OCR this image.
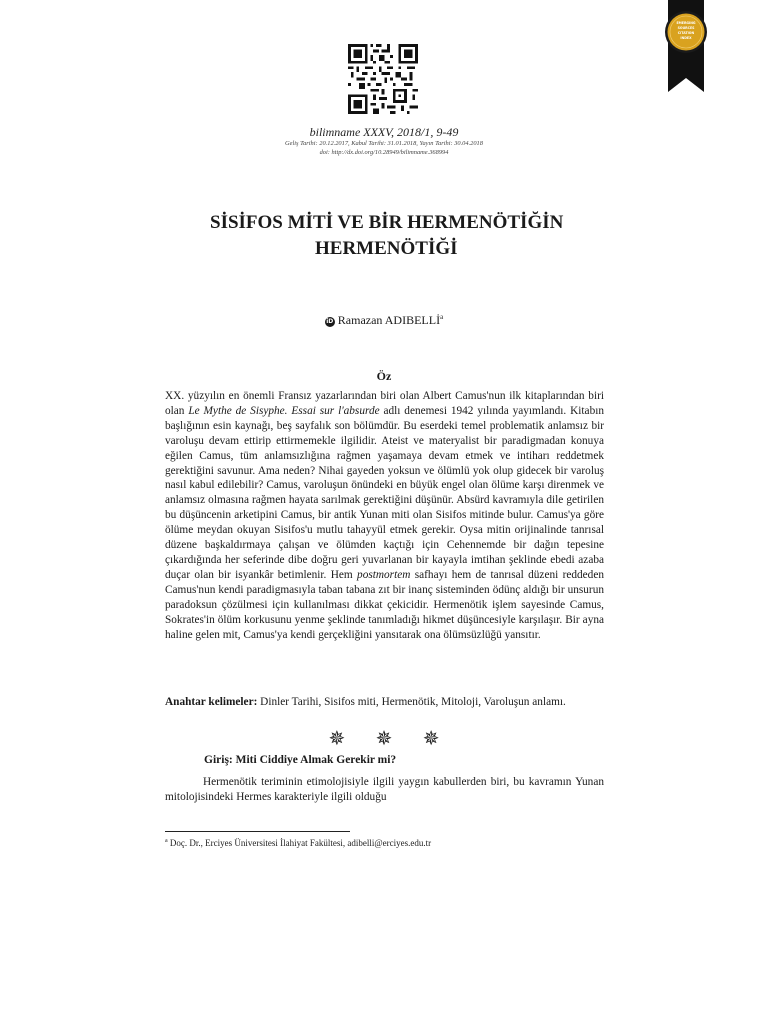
EMERGING
SOURCES
CITATION
INDEX
bilimname XXXV, 2018/1, 9-49
Geliş Tarihi: 20.12.2017, Kabul Tarihi: 31.01.2018, Yayın Tarihi: 30.04.2018
doi: http://dx.doi.org/10.28949/bilimname.368994
SİSİFOS MİTİ VE BİR HERMENÖTİĞİN
HERMENÖTİĞİ
iD Ramazan ADIBELLİ$^a$
Öz
XX. yüzyılın en önemli Fransız yazarlarından biri olan Albert Camus'nun ilk kitaplarından biri olan Le Mythe de Sisyphe. Essai sur l'absurde adlı denemesi 1942 yılında yayımlandı. Kitabın başlığının esin kaynağı, beş sayfalık son bölümdür. Bu eserdeki temel problematik anlamsız bir varoluşu devam ettirip ettirmemekle ilgilidir. Ateist ve materyalist bir paradigmadan konuya eğilen Camus, tüm anlamsızlığına rağmen yaşamaya devam etmek ve intiharı reddetmek gerektiğini savunur. Ama neden? Nihai gayeden yoksun ve ölümlü yok olup gidecek bir varoluş nasıl kabul edilebilir? Camus, varoluşun önündeki en büyük engel olan ölüme karşı direnmek ve anlamsız olmasına rağmen hayata sarılmak gerektiğini düşünür. Absürd kavramıyla dile getirilen bu düşüncenin arketipini Camus, bir antik Yunan miti olan Sisifos mitinde bulur. Camus'ya göre ölüme meydan okuyan Sisifos'u mutlu tahayyül etmek gerekir. Oysa mitin orijinalinde tanrısal düzene başkaldırmaya çalışan ve ölümden kaçtığı için Cehennemde bir dağın tepesine çıkardığında her seferinde dibe doğru geri yuvarlanan bir kayayla imtihan şeklinde ebedi azaba duçar olan bir isyankâr betimlenir. Hem postmortem safhayı hem de tanrısal düzeni reddeden Camus'nun kendi paradigmasıyla taban tabana zıt bir inanç sisteminden ödünç aldığı bir unsurun paradoksun çözülmesi için kullanılması dikkat çekicidir. Hermenötik işlem sayesinde Camus, Sokrates'in ölüm korkusunu yenme şeklinde tanımladığı hikmet düşüncesiyle karşılaşır. Bir ayna haline gelen mit, Camus'ya kendi gerçekliğini yansıtarak ona ölümsüzlüğü yansıtır.
Anahtar kelimeler: Dinler Tarihi, Sisifos miti, Hermenötik, Mitoloji, Varoluşun anlamı.
✵ ✵ ✵
Giriş: Miti Ciddiye Almak Gerekir mi?
Hermenötik teriminin etimolojisiyle ilgili yaygın kabullerden biri, bu kavramın Yunan mitolojisindeki Hermes karakteriyle ilgili olduğu
$^a$ Doç. Dr., Erciyes Üniversitesi İlahiyat Fakültesi, adibelli@erciyes.edu.tr
